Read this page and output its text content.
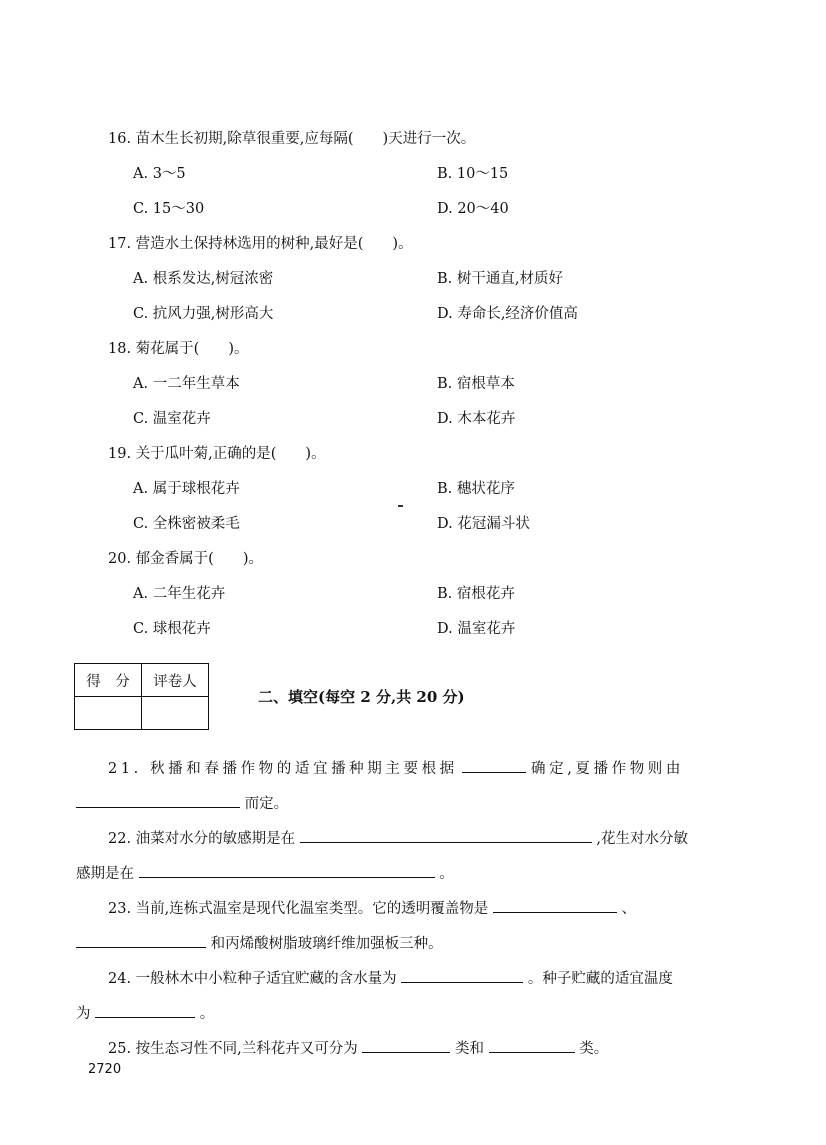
16. 苗木生长初期,除草很重要,应每隔(　　)天进行一次。
A. 3～5	B. 10～15
C. 15～30	D. 20～40
17. 营造水土保持林选用的树种,最好是(　　)。
A. 根系发达,树冠浓密	B. 树干通直,材质好
C. 抗风力强,树形高大	D. 寿命长,经济价值高
18. 菊花属于(　　)。
A. 一二年生草本	B. 宿根草本
C. 温室花卉	D. 木本花卉
19. 关于瓜叶菊,正确的是(　　)。
A. 属于球根花卉	B. 穗状花序
C. 全株密被柔毛	D. 花冠漏斗状
20. 郁金香属于(　　)。
A. 二年生花卉	B. 宿根花卉
C. 球根花卉	D. 温室花卉
得　分	评卷人

二、填空(每空 2 分,共 20 分)
21. 秋播和春播作物的适宜播种期主要根据	确定,夏播作物则由
而定。
22. 油菜对水分的敏感期是在	,花生对水分敏
感期是在	。
23. 当前,连栋式温室是现代化温室类型。它的透明覆盖物是	、
和丙烯酸树脂玻璃纤维加强板三种。
24. 一般林木中小粒种子适宜贮藏的含水量为	。种子贮藏的适宜温度
为	。
25. 按生态习性不同,兰科花卉又可分为	类和	类。
2720
